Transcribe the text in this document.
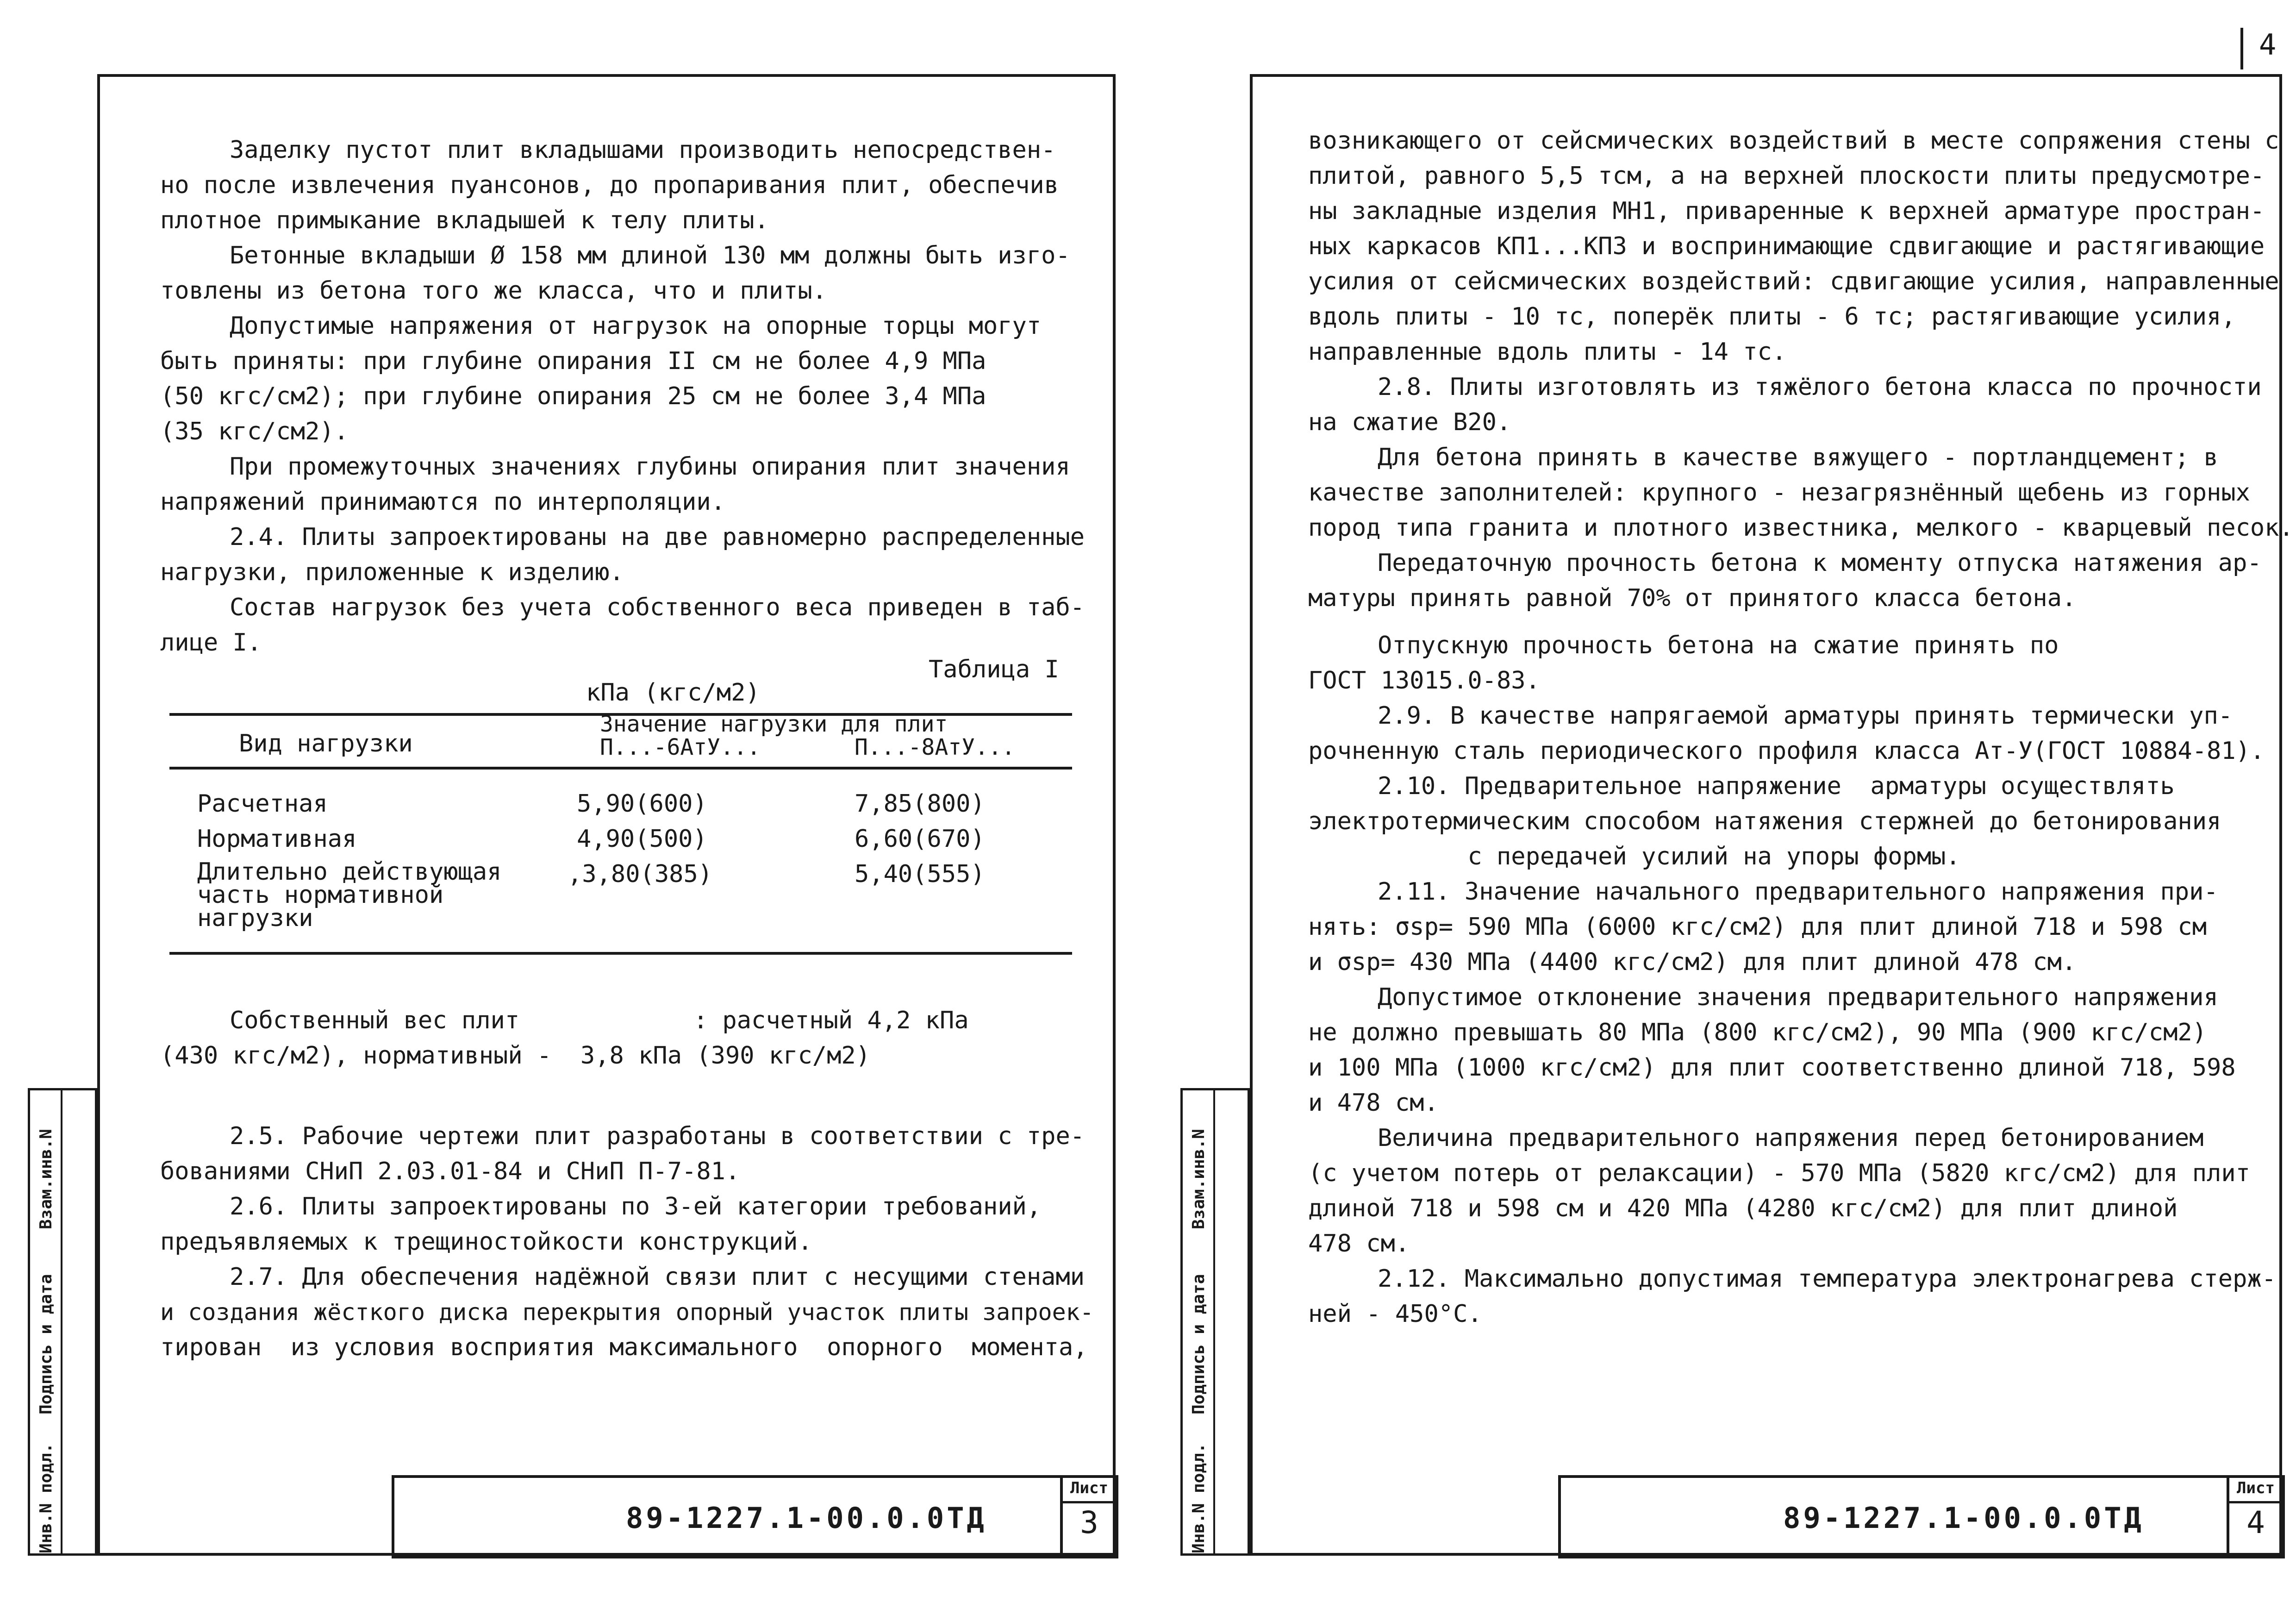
4

Заделку пустот плит вкладышами производить непосредствен-

но после извлечения пуансонов, до пропаривания плит, обеспечив

плотное примыкание вкладышей к телу плиты.

Бетонные вкладыши Ø 158 мм длиной 130 мм должны быть изго-

товлены из бетона того же класса, что и плиты.

Допустимые напряжения от нагрузок на опорные торцы могут

быть приняты: при глубине опирания II см не более 4,9 МПа

(50 кгс/см2); при глубине опирания 25 см не более 3,4 МПа

(35 кгс/см2).

При промежуточных значениях глубины опирания плит значения

напряжений принимаются по интерполяции.

2.4. Плиты запроектированы на две равномерно распределенные

нагрузки, приложенные к изделию.

Состав нагрузок без учета собственного веса приведен в таб-

лице I.

Таблица I
кПа (кгс/м2)
Вид нагрузки
Значение нагрузки для плит
П...-6АтУ...	П...-8АтУ...
Расчетная	5,90(600)	7,85(800)
Нормативная	4,90(500)	6,60(670)
Длительно действующая
часть нормативной
нагрузки
,3,80(385)	5,40(555)

Собственный вес плит            : расчетный 4,2 кПа

(430 кгс/м2), нормативный -  3,8 кПа (390 кгс/м2)

2.5. Рабочие чертежи плит разработаны в соответствии с тре-

бованиями СНиП 2.03.01-84 и СНиП П-7-81.

2.6. Плиты запроектированы по 3-ей категории требований,

предъявляемых к трещиностойкости конструкций.

2.7. Для обеспечения надёжной связи плит с несущими стенами

и создания жёсткого диска перекрытия опорный участок плиты запроек-

тирован  из условия восприятия максимального  опорного  момента,

89-1227.1-00.0.0ТД
Лист
3
Инв.N подл.
Подпись и дата
Взам.инв.N

возникающего от сейсмических воздействий в месте сопряжения стены с

плитой, равного 5,5 тсм, а на верхней плоскости плиты предусмотре-

ны закладные изделия МН1, приваренные к верхней арматуре простран-

ных каркасов КП1...КП3 и воспринимающие сдвигающие и растягивающие

усилия от сейсмических воздействий: сдвигающие усилия, направленные

вдоль плиты - 10 тс, поперёк плиты - 6 тс; растягивающие усилия,

направленные вдоль плиты - 14 тс.

2.8. Плиты изготовлять из тяжёлого бетона класса по прочности

на сжатие В20.

Для бетона принять в качестве вяжущего - портландцемент; в

качестве заполнителей: крупного - незагрязнённый щебень из горных

пород типа гранита и плотного известника, мелкого - кварцевый песок.

Передаточную прочность бетона к моменту отпуска натяжения ар-

матуры принять равной 70% от принятого класса бетона.

Отпускную прочность бетона на сжатие принять по

ГОСТ 13015.0-83.

2.9. В качестве напрягаемой арматуры принять термически уп-

рочненную сталь периодического профиля класса Ат-У(ГОСТ 10884-81).

2.10. Предварительное напряжение  арматуры осуществлять

электротермическим способом натяжения стержней до бетонирования

с передачей усилий на упоры формы.

2.11. Значение начального предварительного напряжения при-

нять: σsp= 590 МПа (6000 кгс/см2) для плит длиной 718 и 598 см

и σsp= 430 МПа (4400 кгс/см2) для плит длиной 478 см.

Допустимое отклонение значения предварительного напряжения

не должно превышать 80 МПа (800 кгс/см2), 90 МПа (900 кгс/см2)

и 100 МПа (1000 кгс/см2) для плит соответственно длиной 718, 598

и 478 см.

Величина предварительного напряжения перед бетонированием

(с учетом потерь от релаксации) - 570 МПа (5820 кгс/см2) для плит

длиной 718 и 598 см и 420 МПа (4280 кгс/см2) для плит длиной

478 см.

2.12. Максимально допустимая температура электронагрева стерж-

ней - 450°С.

89-1227.1-00.0.0ТД
Лист
4
Инв.N подл.
Подпись и дата
Взам.инв.N
